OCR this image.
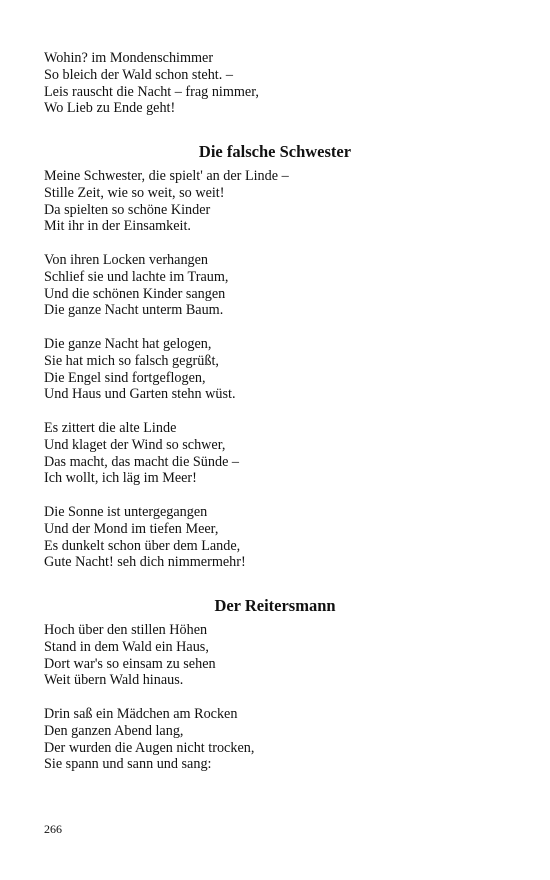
Wohin? im Mondenschimmer
So bleich der Wald schon steht. –
Leis rauscht die Nacht – frag nimmer,
Wo Lieb zu Ende geht!
Die falsche Schwester
Meine Schwester, die spielt' an der Linde –
Stille Zeit, wie so weit, so weit!
Da spielten so schöne Kinder
Mit ihr in der Einsamkeit.
Von ihren Locken verhangen
Schlief sie und lachte im Traum,
Und die schönen Kinder sangen
Die ganze Nacht unterm Baum.
Die ganze Nacht hat gelogen,
Sie hat mich so falsch gegrüßt,
Die Engel sind fortgeflogen,
Und Haus und Garten stehn wüst.
Es zittert die alte Linde
Und klaget der Wind so schwer,
Das macht, das macht die Sünde –
Ich wollt, ich läg im Meer!
Die Sonne ist untergegangen
Und der Mond im tiefen Meer,
Es dunkelt schon über dem Lande,
Gute Nacht! seh dich nimmermehr!
Der Reitersmann
Hoch über den stillen Höhen
Stand in dem Wald ein Haus,
Dort war's so einsam zu sehen
Weit übern Wald hinaus.
Drin saß ein Mädchen am Rocken
Den ganzen Abend lang,
Der wurden die Augen nicht trocken,
Sie spann und sann und sang:
266
